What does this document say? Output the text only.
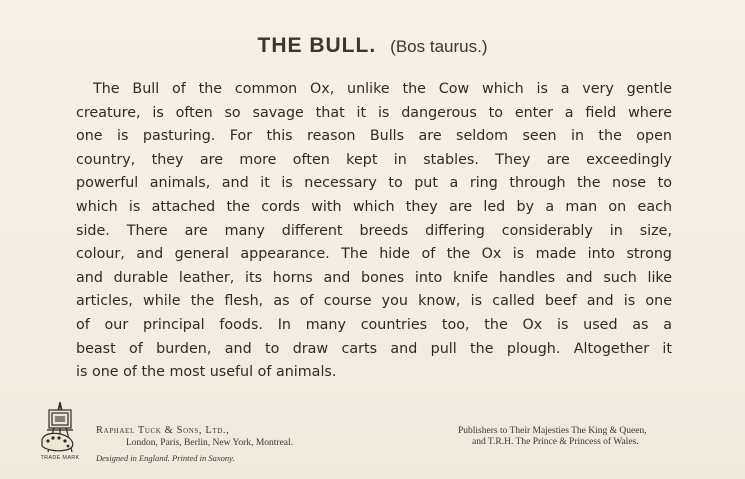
THE BULL. (Bos taurus.)
The Bull of the common Ox, unlike the Cow which is a very gentle
creature, is often so savage that it is dangerous to enter a field where
one is pasturing. For this reason Bulls are seldom seen in the open
country, they are more often kept in stables. They are exceedingly
powerful animals, and it is necessary to put a ring through the nose to
which is attached the cords with which they are led by a man on each
side. There are many different breeds differing considerably in size,
colour, and general appearance. The hide of the Ox is made into strong
and durable leather, its horns and bones into knife handles and such like
articles, while the flesh, as of course you know, is called beef and is one
of our principal foods. In many countries too, the Ox is used as a
beast of burden, and to draw carts and pull the plough. Altogether it
is one of the most useful of animals.
TRADE MARK
Raphael Tuck & Sons, Ltd.,
London, Paris, Berlin, New York, Montreal.
Designed in England. Printed in Saxony.
Publishers to Their Majesties The King & Queen,
and T.R.H. The Prince & Princess of Wales.
